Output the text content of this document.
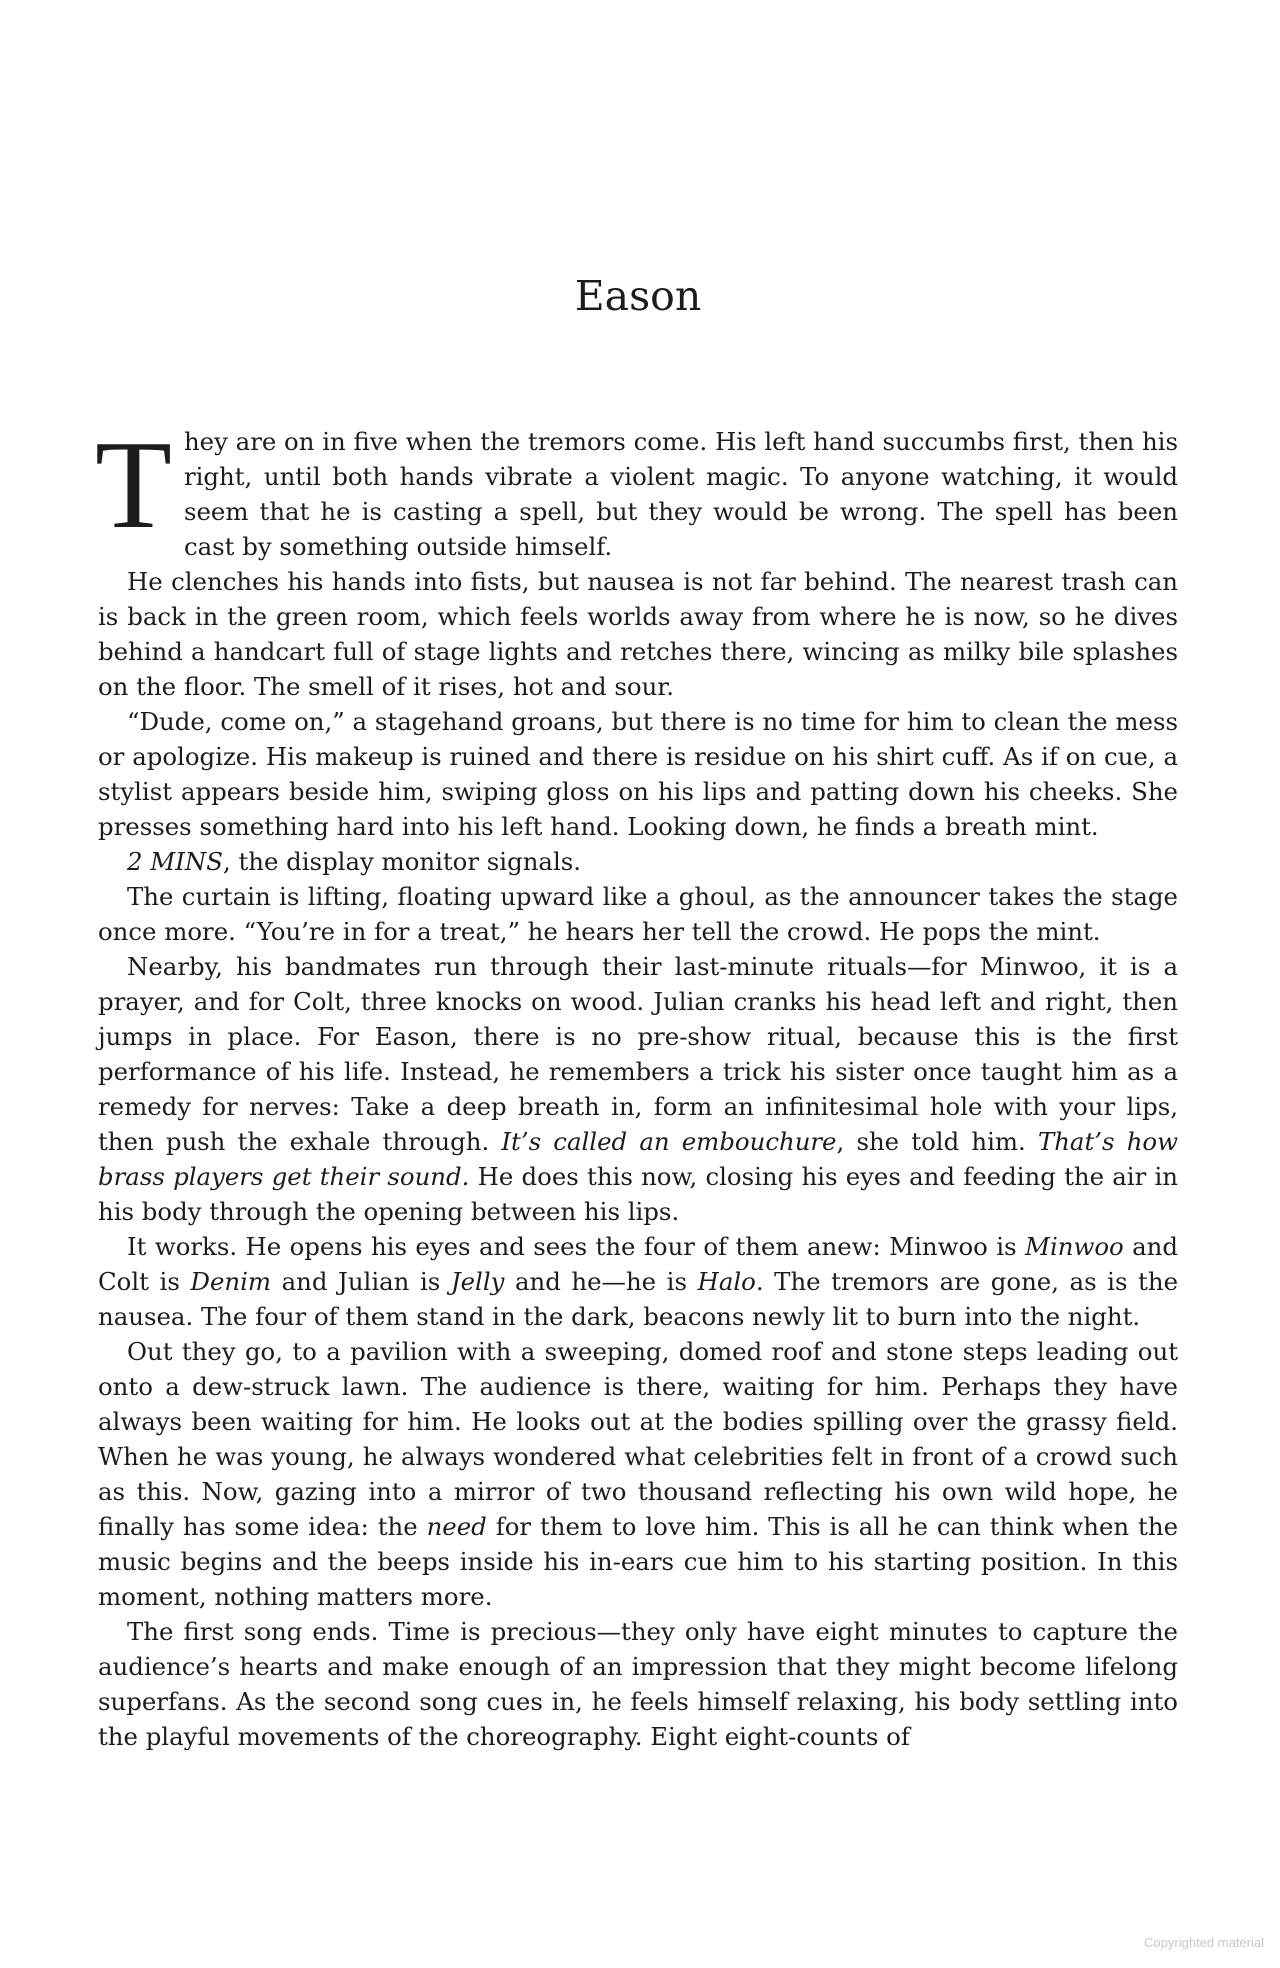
Eason

They are on in five when the tremors come. His left hand succumbs first, then his right, until both hands vibrate a violent magic. To anyone watching, it would seem that he is casting a spell, but they would be wrong. The spell has been cast by something outside himself.

He clenches his hands into fists, but nausea is not far behind. The nearest trash can is back in the green room, which feels worlds away from where he is now, so he dives behind a handcart full of stage lights and retches there, wincing as milky bile splashes on the floor. The smell of it rises, hot and sour.

“Dude, come on,” a stagehand groans, but there is no time for him to clean the mess or apologize. His makeup is ruined and there is residue on his shirt cuff. As if on cue, a stylist appears beside him, swiping gloss on his lips and patting down his cheeks. She presses something hard into his left hand. Looking down, he finds a breath mint.

2 MINS, the display monitor signals.

The curtain is lifting, floating upward like a ghoul, as the announcer takes the stage once more. “You’re in for a treat,” he hears her tell the crowd. He pops the mint.

Nearby, his bandmates run through their last-minute rituals—for Minwoo, it is a prayer, and for Colt, three knocks on wood. Julian cranks his head left and right, then jumps in place. For Eason, there is no pre-show ritual, because this is the first performance of his life. Instead, he remembers a trick his sister once taught him as a remedy for nerves: Take a deep breath in, form an infinitesimal hole with your lips, then push the exhale through. It’s called an embouchure, she told him. That’s how brass players get their sound. He does this now, closing his eyes and feeding the air in his body through the opening between his lips.

It works. He opens his eyes and sees the four of them anew: Minwoo is Minwoo and Colt is Denim and Julian is Jelly and he—he is Halo. The tremors are gone, as is the nausea. The four of them stand in the dark, beacons newly lit to burn into the night.

Out they go, to a pavilion with a sweeping, domed roof and stone steps leading out onto a dew-struck lawn. The audience is there, waiting for him. Perhaps they have always been waiting for him. He looks out at the bodies spilling over the grassy field. When he was young, he always wondered what celebrities felt in front of a crowd such as this. Now, gazing into a mirror of two thousand reflecting his own wild hope, he finally has some idea: the need for them to love him. This is all he can think when the music begins and the beeps inside his in-ears cue him to his starting position. In this moment, nothing matters more.

The first song ends. Time is precious—they only have eight minutes to capture the audience’s hearts and make enough of an impression that they might become lifelong superfans. As the second song cues in, he feels himself relaxing, his body settling into the playful movements of the choreography. Eight eight-counts of

Copyrighted material
